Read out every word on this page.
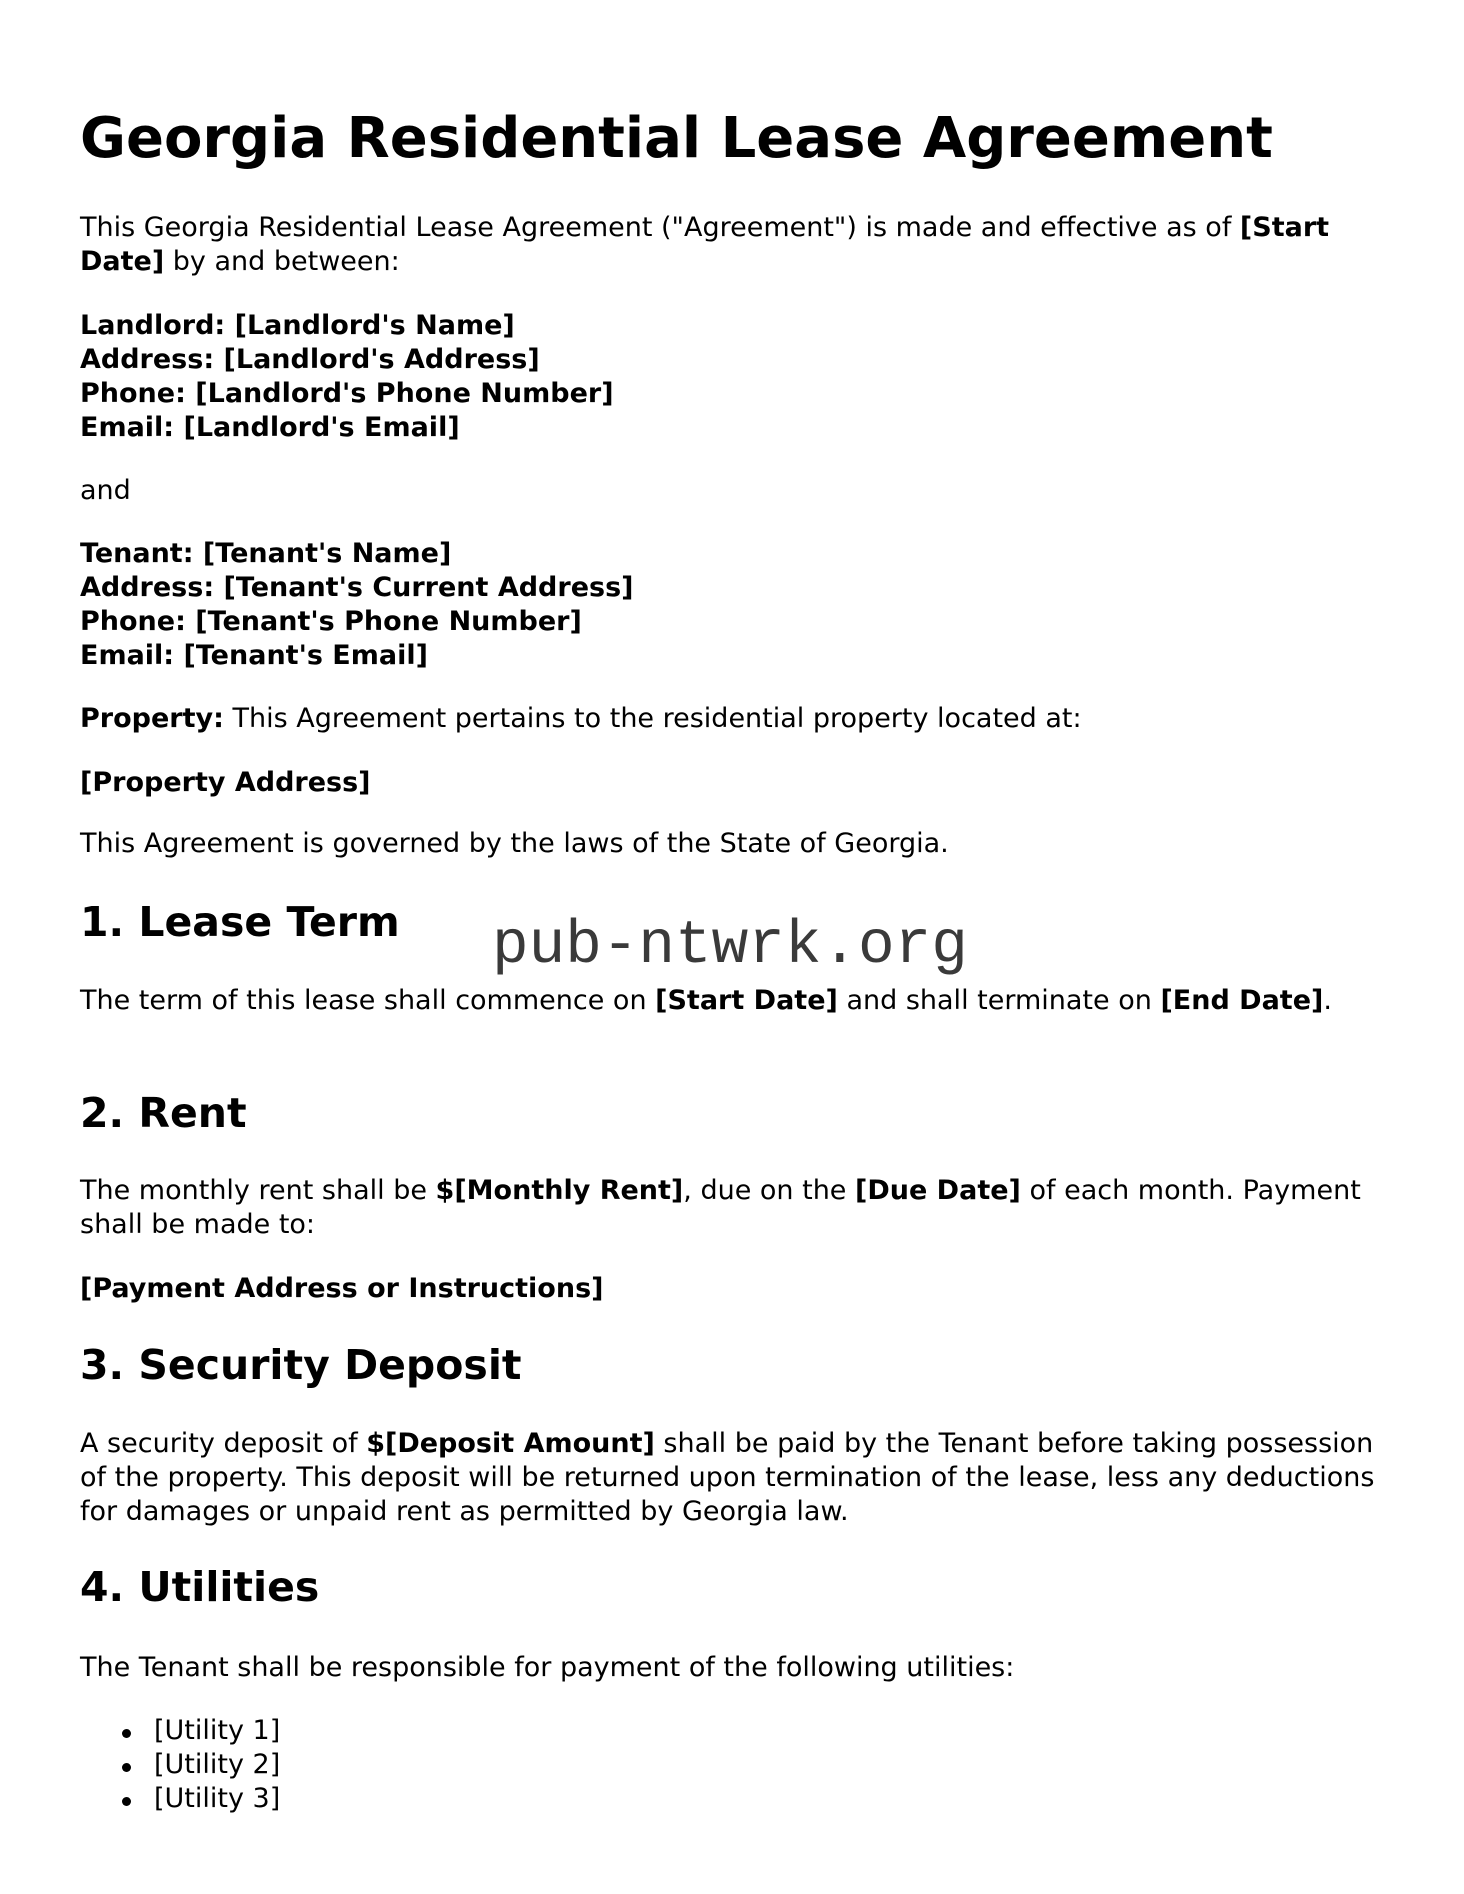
Georgia Residential Lease Agreement

This Georgia Residential Lease Agreement ("Agreement") is made and effective as of [Start Date] by and between:

Landlord: [Landlord's Name]
Address: [Landlord's Address]
Phone: [Landlord's Phone Number]
Email: [Landlord's Email]

and

Tenant: [Tenant's Name]
Address: [Tenant's Current Address]
Phone: [Tenant's Phone Number]
Email: [Tenant's Email]

Property: This Agreement pertains to the residential property located at:

[Property Address]

This Agreement is governed by the laws of the State of Georgia.

1. Lease Term	pub-ntwrk.org

The term of this lease shall commence on [Start Date] and shall terminate on [End Date].

2. Rent

The monthly rent shall be $[Monthly Rent], due on the [Due Date] of each month. Payment shall be made to:

[Payment Address or Instructions]

3. Security Deposit

A security deposit of $[Deposit Amount] shall be paid by the Tenant before taking possession of the property. This deposit will be returned upon termination of the lease, less any deductions for damages or unpaid rent as permitted by Georgia law.

4. Utilities

The Tenant shall be responsible for payment of the following utilities:

[Utility 1]
[Utility 2]
[Utility 3]
